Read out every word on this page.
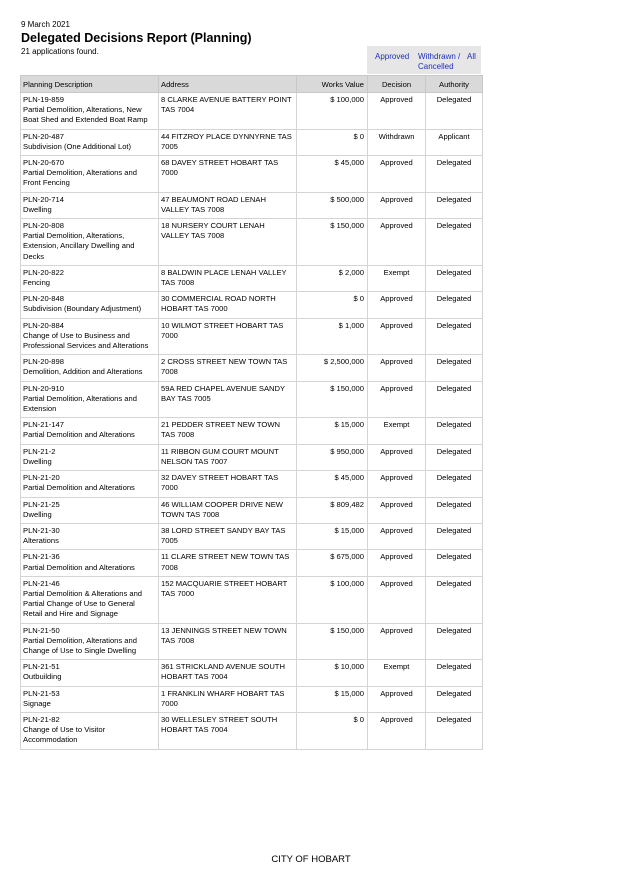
9 March 2021
Delegated Decisions Report (Planning)
21 applications found.
Approved Withdrawn / Cancelled
All
Planning Description	Address	Works Value	Decision	Authority

PLN-19-859
Partial Demolition, Alterations, New Boat Shed and Extended Boat Ramp	8 CLARKE AVENUE BATTERY POINT TAS 7004	$ 100,000	Approved	Delegated

PLN-20-487
Subdivision (One Additional Lot)	44 FITZROY PLACE DYNNYRNE TAS 7005	$ 0	Withdrawn	Applicant

PLN-20-670
Partial Demolition, Alterations and Front Fencing	68 DAVEY STREET HOBART TAS 7000	$ 45,000	Approved	Delegated

PLN-20-714
Dwelling	47 BEAUMONT ROAD LENAH VALLEY TAS 7008	$ 500,000	Approved	Delegated

PLN-20-808
Partial Demolition, Alterations, Extension, Ancillary Dwelling and Decks	18 NURSERY COURT LENAH VALLEY TAS 7008	$ 150,000	Approved	Delegated

PLN-20-822
Fencing	8 BALDWIN PLACE LENAH VALLEY TAS 7008	$ 2,000	Exempt	Delegated

PLN-20-848
Subdivision (Boundary Adjustment)	30 COMMERCIAL ROAD NORTH HOBART TAS 7000	$ 0	Approved	Delegated

PLN-20-884
Change of Use to Business and Professional Services and Alterations	10 WILMOT STREET HOBART TAS 7000	$ 1,000	Approved	Delegated

PLN-20-898
Demolition, Addition and Alterations	2 CROSS STREET NEW TOWN TAS 7008	$ 2,500,000	Approved	Delegated

PLN-20-910
Partial Demolition, Alterations and Extension	59A RED CHAPEL AVENUE SANDY BAY TAS 7005	$ 150,000	Approved	Delegated

PLN-21-147
Partial Demolition and Alterations	21 PEDDER STREET NEW TOWN TAS 7008	$ 15,000	Exempt	Delegated

PLN-21-2
Dwelling	11 RIBBON GUM COURT MOUNT NELSON TAS 7007	$ 950,000	Approved	Delegated

PLN-21-20
Partial Demolition and Alterations	32 DAVEY STREET HOBART TAS 7000	$ 45,000	Approved	Delegated

PLN-21-25
Dwelling	46 WILLIAM COOPER DRIVE NEW TOWN TAS 7008	$ 809,482	Approved	Delegated

PLN-21-30
Alterations	38 LORD STREET SANDY BAY TAS 7005	$ 15,000	Approved	Delegated

PLN-21-36
Partial Demolition and Alterations	11 CLARE STREET NEW TOWN TAS 7008	$ 675,000	Approved	Delegated

PLN-21-46
Partial Demolition & Alterations and Partial Change of Use to General Retail and Hire and Signage	152 MACQUARIE STREET HOBART TAS 7000	$ 100,000	Approved	Delegated

PLN-21-50
Partial Demolition, Alterations and Change of Use to Single Dwelling	13 JENNINGS STREET NEW TOWN TAS 7008	$ 150,000	Approved	Delegated

PLN-21-51
Outbuilding	361 STRICKLAND AVENUE SOUTH HOBART TAS 7004	$ 10,000	Exempt	Delegated

PLN-21-53
Signage	1 FRANKLIN WHARF HOBART TAS 7000	$ 15,000	Approved	Delegated

PLN-21-82
Change of Use to Visitor Accommodation	30 WELLESLEY STREET SOUTH HOBART TAS 7004	$ 0	Approved	Delegated
CITY OF HOBART
